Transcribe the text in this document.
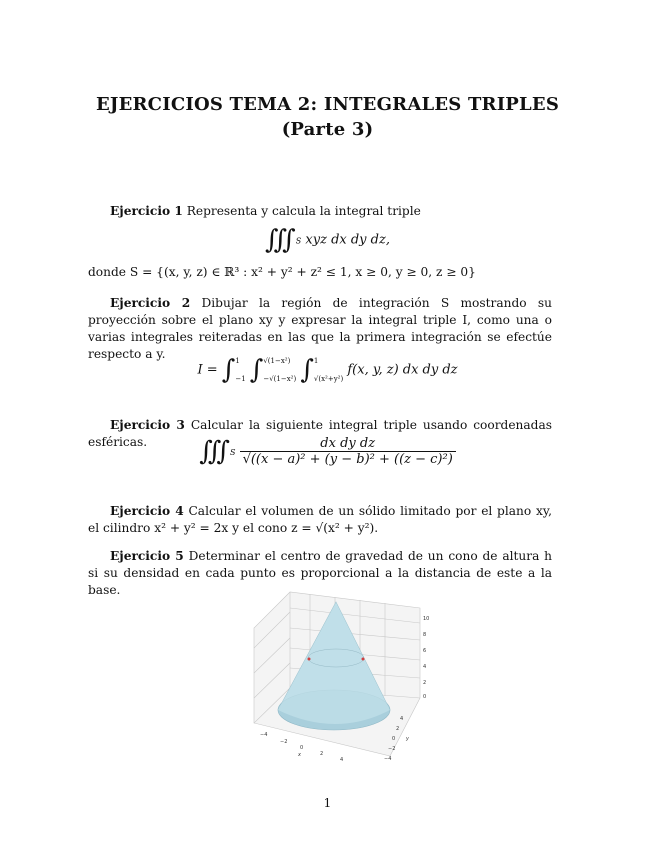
EJERCICIOS TEMA 2: INTEGRALES TRIPLES
(Parte 3)
Ejercicio 1 Representa y calcula la integral triple
∭S xyz dx dy dz,
donde S = {(x, y, z) ∈ ℝ³ : x² + y² + z² ≤ 1, x ≥ 0, y ≥ 0, z ≥ 0}
Ejercicio 2 Dibujar la región de integración S mostrando su proyección sobre el plano xy y expresar la integral triple I, como una o varias integrales reiteradas en las que la primera integración se efectúe respecto a y.
I = ∫1

−1 ∫√(1−x²)

−√(1−x²) ∫1

√(x²+y²) f(x, y, z) dx dy dz
Ejercicio 3 Calcular la siguiente integral triple usando coordenadas esféricas.	∭S $\frac{\text{dx dy dz}}{\text{√((x − a)² + (y − b)² + ((z − c)²)}}$
Ejercicio 4 Calcular el volumen de un sólido limitado por el plano xy, el cilindro x² + y² = 2x y el cono z = √(x² + y²).
Ejercicio 5 Determinar el centro de gravedad de un cono de altura h si su densidad en cada punto es proporcional a la distancia de este a la base.
10
8
6
4
2
0
4
2
0
−2
−4
−4
−2
0
2
4
x
y
1
